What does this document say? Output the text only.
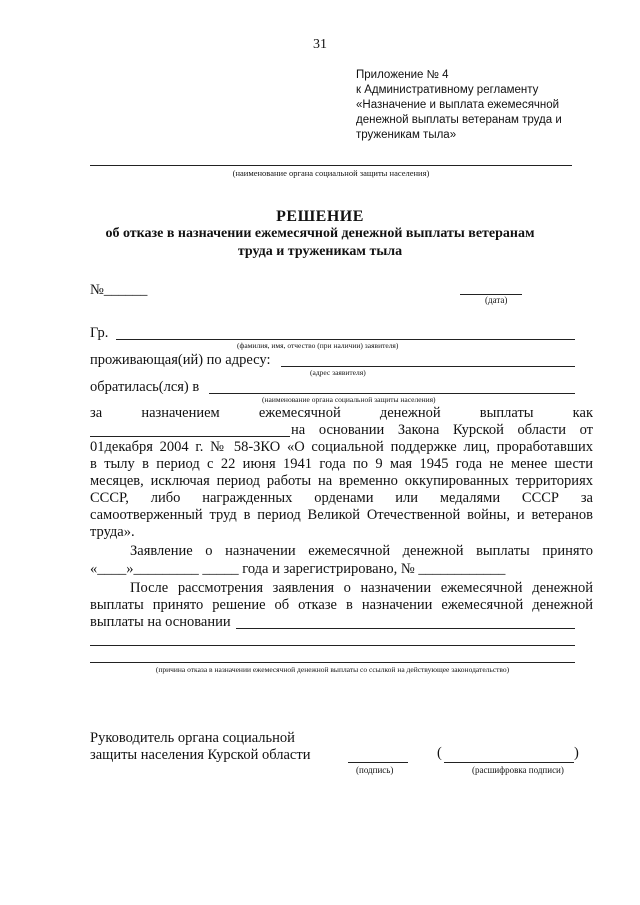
31
Приложение № 4
к Административному регламенту
«Назначение и выплата ежемесячной
денежной выплаты ветеранам труда и
труженикам тыла»
(наименование органа социальной защиты населения)
РЕШЕНИЕ
об отказе в назначении ежемесячной денежной выплаты ветеранам
труда и труженикам тыла
№______
(дата)
Гр.
(фамилия, имя, отчество (при наличии) заявителя)
проживающая(ий) по адресу:
(адрес заявителя)
обратилась(лся) в
(наименование органа социальной защиты населения)
за назначением ежемесячной денежной выплаты как
на основании Закона Курской области от
01декабря 2004 г. № 58-ЗКО «О социальной поддержке лиц, проработавших
в тылу в период с 22 июня 1941 года по 9 мая 1945 года не менее шести
месяцев, исключая период работы на временно оккупированных территориях
СССР, либо награжденных орденами или медалями СССР за
самоотверженный труд в период Великой Отечественной войны, и ветеранов
труда».
Заявление о назначении ежемесячной денежной выплаты принято
«____»_________ _____ года и зарегистрировано, № ____________
После рассмотрения заявления о назначении ежемесячной денежной
выплаты принято решение об отказе в назначении ежемесячной денежной
выплаты на основании
(причина отказа в назначении ежемесячной денежной выплаты со ссылкой на действующее законодательство)
Руководитель органа социальной
защиты населения Курской области
(подпись)
(	)
(расшифровка подписи)
